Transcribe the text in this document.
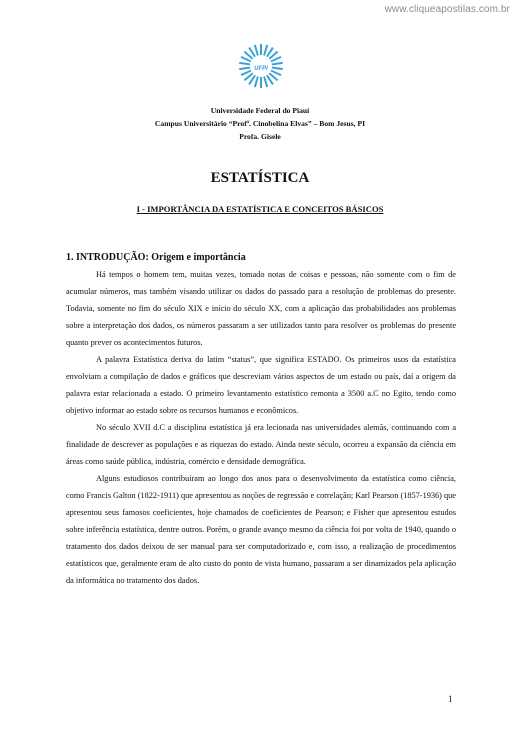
www.cliqueapostilas.com.br
UFPI
Universidade Federal do Piauí
Campus Universitário “Profª. Cinobelina Elvas” – Bom Jesus, PI
Profa. Gisele
ESTATÍSTICA
I - IMPORTÂNCIA DA ESTATÍSTICA E CONCEITOS BÁSICOS
1. INTRODUÇÃO: Origem e importância

Há tempos o homem tem, muitas vezes, tomado notas de coisas e pessoas, não somente com o fim de acumular números, mas também visando utilizar os dados do passado para a resolução de problemas do presente. Todavia, somente no fim do século XIX e início do século XX, com a aplicação das probabilidades aos problemas sobre a interpretação dos dados, os números passaram a ser utilizados tanto para resolver os problemas do presente quanto prever os acontecimentos futuros.

A palavra Estatística deriva do latim “status”, que significa ESTADO. Os primeiros usos da estatística envolviam a compilação de dados e gráficos que descreviam vários aspectos de um estado ou país, daí a origem da palavra estar relacionada a estado. O primeiro levantamento estatístico remonta a 3500 a.C no Egito, tendo como objetivo informar ao estado sobre os recursos humanos e econômicos.

No século XVII d.C a disciplina estatística já era lecionada nas universidades alemãs, continuando com a finalidade de descrever as populações e as riquezas do estado. Ainda neste século, ocorreu a expansão da ciência em áreas como saúde pública, indústria, comércio e densidade demográfica.

Alguns estudiosos contribuíram ao longo dos anos para o desenvolvimento da estatística como ciência, como Francis Galton (1822-1911) que apresentou as noções de regressão e correlação; Karl Pearson (1857-1936) que apresentou seus famosos coeficientes, hoje chamados de coeficientes de Pearson; e Fisher que apresentou estudos sobre inferência estatística, dentre outros. Porém, o grande avanço mesmo da ciência foi por volta de 1940, quando o tratamento dos dados deixou de ser manual para ser computadorizado e, com isso, a realização de procedimentos estatísticos que, geralmente eram de alto custo do ponto de vista humano, passaram a ser dinamizados pela aplicação da informática no tratamento dos dados.

1
